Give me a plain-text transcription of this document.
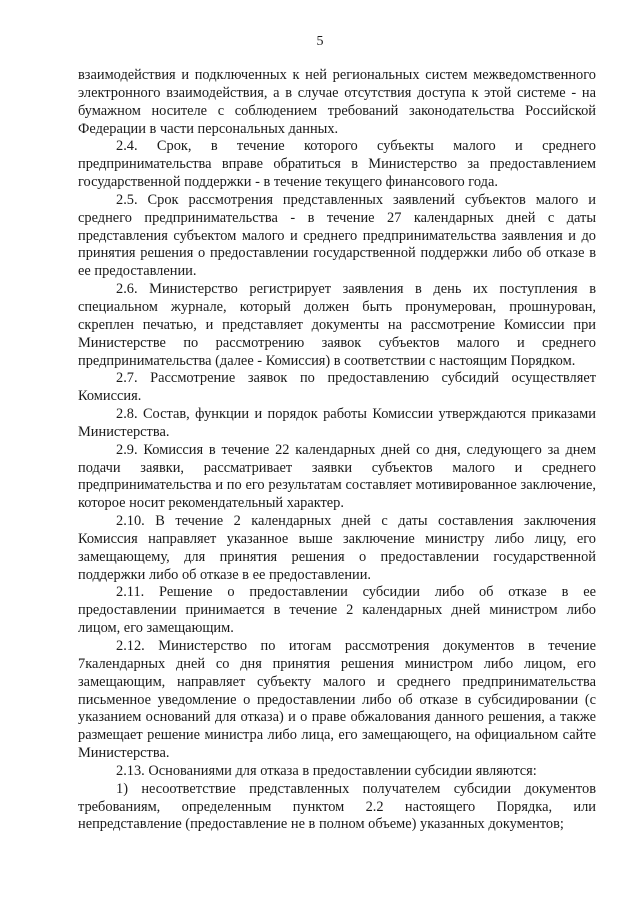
5

взаимодействия и подключенных к ней региональных систем межведомственного электронного взаимодействия, а в случае отсутствия доступа к этой системе - на бумажном носителе с соблюдением требований законодательства Российской Федерации в части персональных данных.

2.4. Срок, в течение которого субъекты малого и среднего предпринимательства вправе обратиться в Министерство за предоставлением государственной поддержки - в течение текущего финансового года.

2.5. Срок рассмотрения представленных заявлений субъектов малого и среднего предпринимательства - в течение 27 календарных дней с даты представления субъектом малого и среднего предпринимательства заявления и до принятия решения о предоставлении государственной поддержки либо об отказе в ее предоставлении.

2.6. Министерство регистрирует заявления в день их поступления в специальном журнале, который должен быть пронумерован, прошнурован, скреплен печатью, и представляет документы на рассмотрение Комиссии при Министерстве по рассмотрению заявок субъектов малого и среднего предпринимательства (далее - Комиссия) в соответствии с настоящим Порядком.

2.7. Рассмотрение заявок по предоставлению субсидий осуществляет Комиссия.

2.8. Состав, функции и порядок работы Комиссии утверждаются приказами Министерства.

2.9. Комиссия в течение 22 календарных дней со дня, следующего за днем подачи заявки, рассматривает заявки субъектов малого и среднего предпринимательства и по его результатам составляет мотивированное заключение, которое носит рекомендательный характер.

2.10. В течение 2 календарных дней с даты составления заключения Комиссия направляет указанное выше заключение министру либо лицу, его замещающему, для принятия решения о предоставлении государственной поддержки либо об отказе в ее предоставлении.

2.11. Решение о предоставлении субсидии либо об отказе в ее предоставлении принимается в течение 2 календарных дней министром либо лицом, его замещающим.

2.12. Министерство по итогам рассмотрения документов в течение 7календарных дней со дня принятия решения министром либо лицом, его замещающим, направляет субъекту малого и среднего предпринимательства письменное уведомление о предоставлении либо об отказе в субсидировании (с указанием оснований для отказа) и о праве обжалования данного решения, а также размещает решение министра либо лица, его замещающего, на официальном сайте Министерства.

2.13. Основаниями для отказа в предоставлении субсидии являются:

1) несоответствие представленных получателем субсидии документов требованиям, определенным пунктом 2.2 настоящего Порядка, или непредставление (предоставление не в полном объеме) указанных документов;
